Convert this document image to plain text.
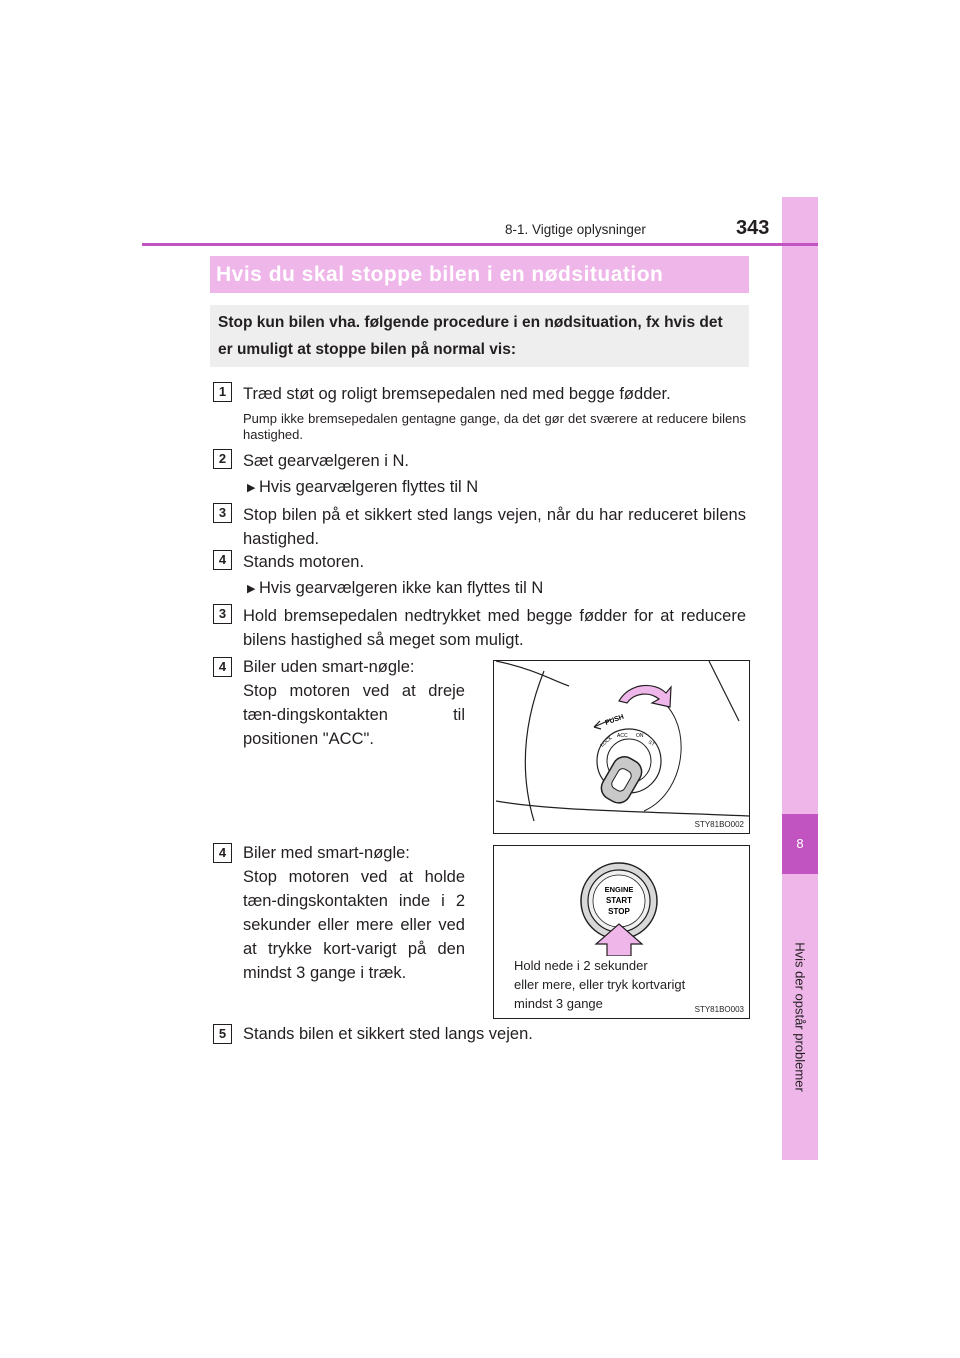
8
Hvis der opstår problemer
343
8-1. Vigtige oplysninger
Hvis du skal stoppe bilen i en nødsituation
Stop kun bilen vha. følgende procedure i en nødsituation, fx hvis det er umuligt at stoppe bilen på normal vis:
1	Træd støt og roligt bremsepedalen ned med begge fødder.
Pump ikke bremsepedalen gentagne gange, da det gør det sværere at reducere bilens hastighed.
2	Sæt gearvælgeren i N.
▶ Hvis gearvælgeren flyttes til N
3	Stop bilen på et sikkert sted langs vejen, når du har reduceret bilens hastighed.
4	Stands motoren.
▶ Hvis gearvælgeren ikke kan flyttes til N
3	Hold bremsepedalen nedtrykket med begge fødder for at reducere bilens hastighed så meget som muligt.
4	Biler uden smart-nøgle:
Stop motoren ved at dreje tæn-dingskontakten til positionen "ACC".
PUSH
LOCK ACC ON
ST
STY81BO002
4	Biler med smart-nøgle:
Stop motoren ved at holde tæn-dingskontakten inde i 2 sekunder eller mere eller ved at trykke kort-varigt på den mindst 3 gange i træk.
ENGINE
START
STOP
Hold nede i 2 sekunder
eller mere, eller tryk kortvarigt
mindst 3 gange	STY81BO003
5	Stands bilen et sikkert sted langs vejen.
